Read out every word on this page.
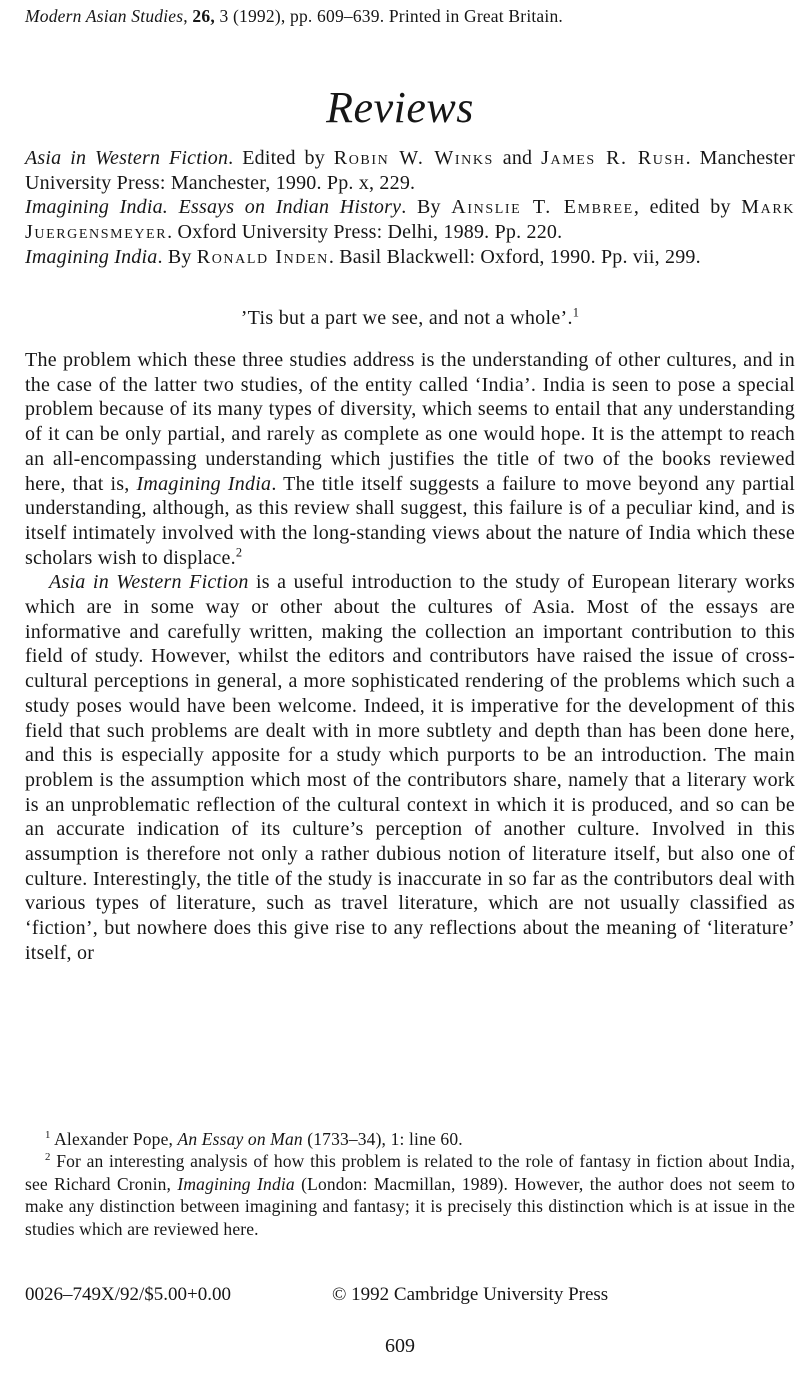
Modern Asian Studies, 26, 3 (1992), pp. 609–639. Printed in Great Britain.
Reviews

Asia in Western Fiction. Edited by Robin W. Winks and James R. Rush. Manchester University Press: Manchester, 1990. Pp. x, 229.

Imagining India. Essays on Indian History. By Ainslie T. Embree, edited by Mark Juergensmeyer. Oxford University Press: Delhi, 1989. Pp. 220.

Imagining India. By Ronald Inden. Basil Blackwell: Oxford, 1990. Pp. vii, 299.

’Tis but a part we see, and not a whole’.$^1$

The problem which these three studies address is the understanding of other cultures, and in the case of the latter two studies, of the entity called ‘India’. India is seen to pose a special problem because of its many types of diversity, which seems to entail that any understanding of it can be only partial, and rarely as complete as one would hope. It is the attempt to reach an all-encompassing understanding which justifies the title of two of the books reviewed here, that is, Imagining India. The title itself suggests a failure to move beyond any partial understanding, although, as this review shall suggest, this failure is of a peculiar kind, and is itself intimately involved with the long-standing views about the nature of India which these scholars wish to displace.$^2$

Asia in Western Fiction is a useful introduction to the study of European literary works which are in some way or other about the cultures of Asia. Most of the essays are informative and carefully written, making the collection an important contribution to this field of study. However, whilst the editors and contributors have raised the issue of cross-cultural perceptions in general, a more sophisticated rendering of the problems which such a study poses would have been welcome. Indeed, it is imperative for the development of this field that such problems are dealt with in more subtlety and depth than has been done here, and this is especially apposite for a study which purports to be an introduction. The main problem is the assumption which most of the contributors share, namely that a literary work is an unproblematic reflection of the cultural context in which it is produced, and so can be an accurate indication of its culture’s perception of another culture. Involved in this assumption is therefore not only a rather dubious notion of literature itself, but also one of culture. Interestingly, the title of the study is inaccurate in so far as the contributors deal with various types of literature, such as travel literature, which are not usually classified as ‘fiction’, but nowhere does this give rise to any reflections about the meaning of ‘literature’ itself, or

$^1$ Alexander Pope, An Essay on Man (1733–34), 1: line 60.

$^2$ For an interesting analysis of how this problem is related to the role of fantasy in fiction about India, see Richard Cronin, Imagining India (London: Macmillan, 1989). However, the author does not seem to make any distinction between imagining and fantasy; it is precisely this distinction which is at issue in the studies which are reviewed here.

0026–749X/92/$5.00+0.00	© 1992 Cambridge University Press
609
